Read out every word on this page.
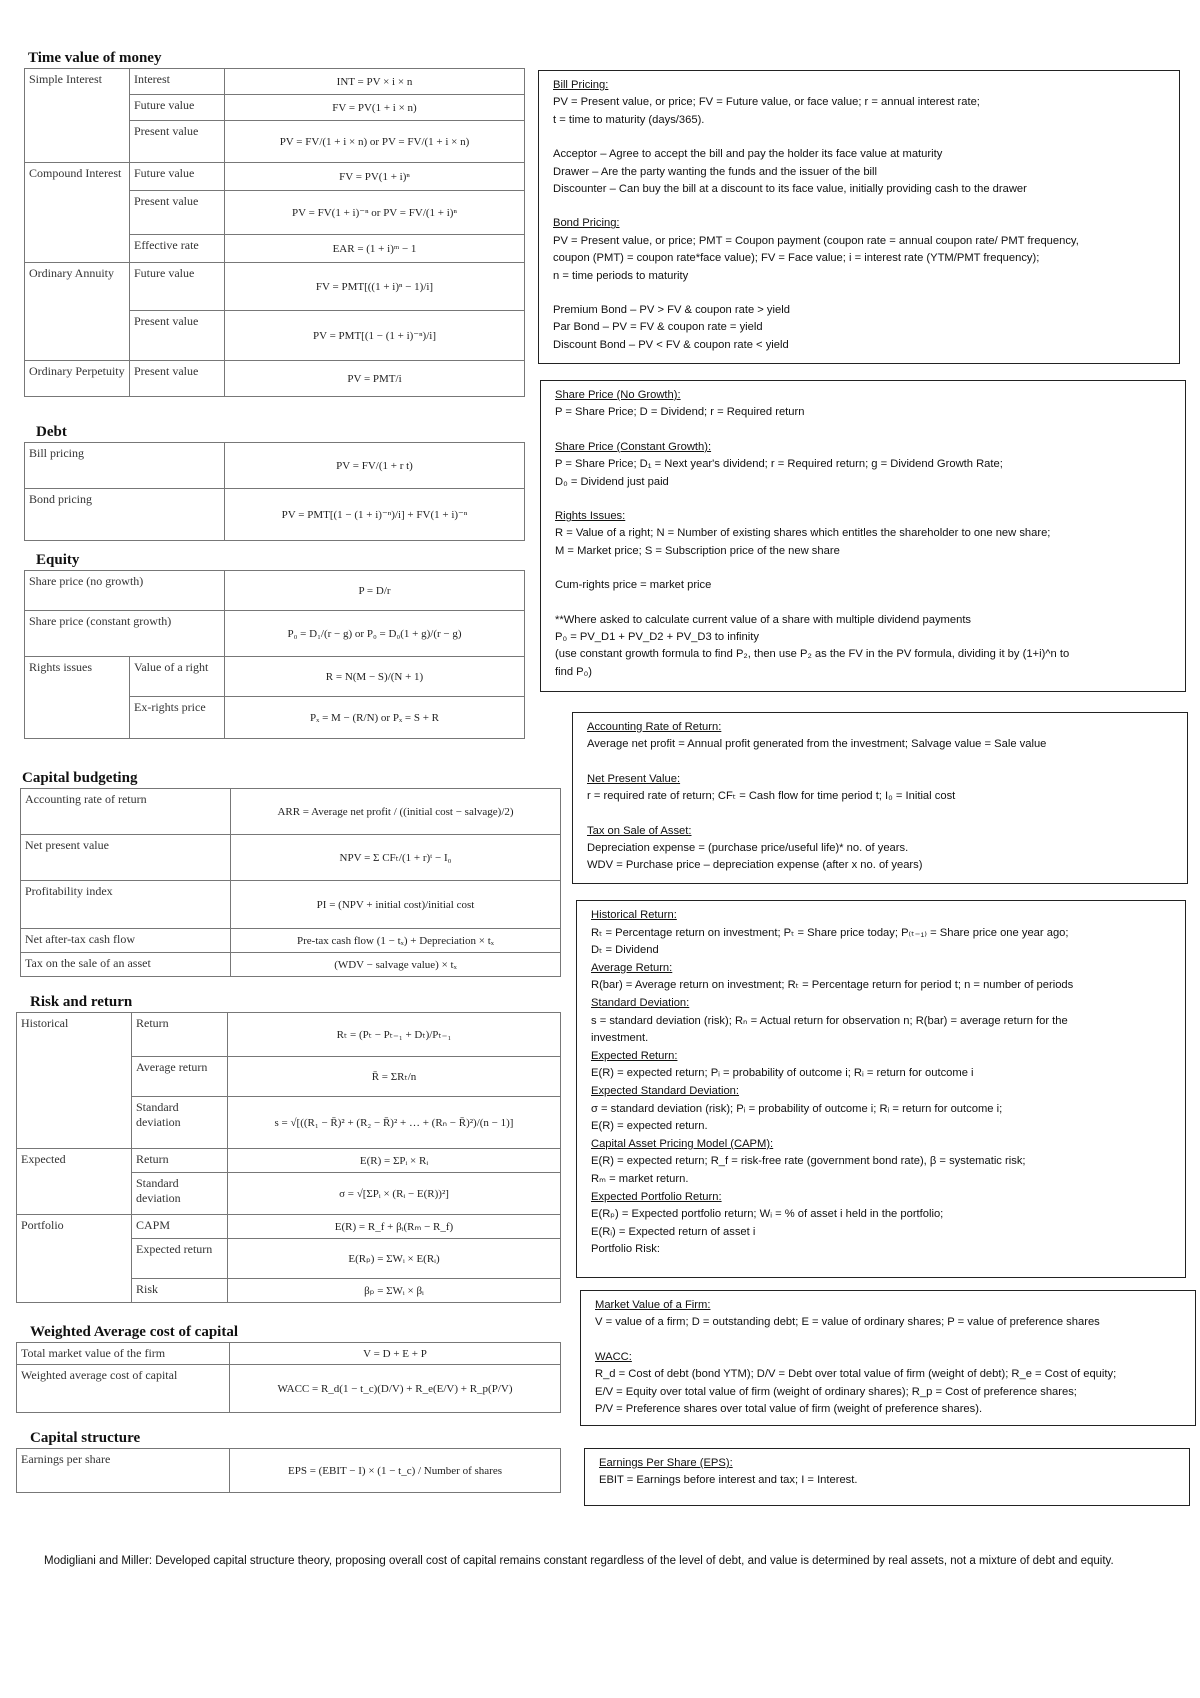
Time value of money
Simple Interest	Interest	INT = PV × i × n
	Future value	FV = PV(1 + i × n)
	Present value	PV = FV/(1 + i × n) or PV = FV/(1 + i × n)
Compound Interest	Future value	FV = PV(1 + i)ⁿ
	Present value	PV = FV(1 + i)⁻ⁿ or PV = FV/(1 + i)ⁿ
	Effective rate	EAR = (1 + i)ᵐ − 1
Ordinary Annuity	Future value	FV = PMT[((1 + i)ⁿ − 1)/i]
	Present value	PV = PMT[(1 − (1 + i)⁻ⁿ)/i]
Ordinary Perpetuity	Present value	PV = PMT/i
Debt
Bill pricing	PV = FV/(1 + r t)
Bond pricing	PV = PMT[(1 − (1 + i)⁻ⁿ)/i] + FV(1 + i)⁻ⁿ
Equity
Share price (no growth)		P = D/r
Share price (constant growth)		P₀ = D₁/(r − g) or P₀ = D₀(1 + g)/(r − g)
Rights issues	Value of a right	R = N(M − S)/(N + 1)
	Ex-rights price	Pₓ = M − (R/N) or Pₓ = S + R
Capital budgeting
Accounting rate of return	ARR = Average net profit / ((initial cost − salvage)/2)
Net present value	NPV = Σ CFₜ/(1 + r)ᵗ − I₀
Profitability index	PI = (NPV + initial cost)/initial cost
Net after-tax cash flow	Pre-tax cash flow (1 − tₓ) + Depreciation × tₓ
Tax on the sale of an asset	(WDV − salvage value) × tₓ
Risk and return
Historical	Return	Rₜ = (Pₜ − Pₜ₋₁ + Dₜ)/Pₜ₋₁
	Average return	R̄ = ΣRₜ/n
	Standard deviation	s = √[((R₁ − R̄)² + (R₂ − R̄)² + … + (Rₙ − R̄)²)/(n − 1)]
Expected	Return	E(R) = ΣPᵢ × Rᵢ
	Standard deviation	σ = √[ΣPᵢ × (Rᵢ − E(R))²]
Portfolio	CAPM	E(R) = R_f + βᵢ(Rₘ − R_f)
	Expected return	E(Rₚ) = ΣWᵢ × E(Rᵢ)
	Risk	βₚ = ΣWᵢ × βᵢ
Weighted Average cost of capital
Total market value of the firm	V = D + E + P
Weighted average cost of capital	WACC = R_d(1 − t_c)(D/V) + R_e(E/V) + R_p(P/V)
Capital structure
Earnings per share	EPS = (EBIT − I) × (1 − t_c) / Number of shares

Bill Pricing:

PV = Present value, or price; FV = Future value, or face value; r = annual interest rate;

t = time to maturity (days/365).

Acceptor – Agree to accept the bill and pay the holder its face value at maturity

Drawer – Are the party wanting the funds and the issuer of the bill

Discounter – Can buy the bill at a discount to its face value, initially providing cash to the drawer

Bond Pricing:

PV = Present value, or price; PMT = Coupon payment (coupon rate = annual coupon rate/ PMT frequency,

coupon (PMT) = coupon rate*face value); FV = Face value; i = interest rate (YTM/PMT frequency);

n = time periods to maturity

Premium Bond – PV > FV & coupon rate > yield

Par Bond – PV = FV & coupon rate = yield

Discount Bond – PV < FV & coupon rate < yield

Share Price (No Growth):

P = Share Price; D = Dividend; r = Required return

Share Price (Constant Growth):

P = Share Price; D₁ = Next year's dividend; r = Required return; g = Dividend Growth Rate;

D₀ = Dividend just paid

Rights Issues:

R = Value of a right; N = Number of existing shares which entitles the shareholder to one new share;

M = Market price; S = Subscription price of the new share

Cum-rights price = market price

**Where asked to calculate current value of a share with multiple dividend payments

P₀ = PV_D1 + PV_D2 + PV_D3 to infinity

(use constant growth formula to find P₂, then use P₂ as the FV in the PV formula, dividing it by (1+i)^n to

find P₀)

Accounting Rate of Return:

Average net profit = Annual profit generated from the investment; Salvage value = Sale value

Net Present Value:

r = required rate of return; CFₜ = Cash flow for time period t; I₀ = Initial cost

Tax on Sale of Asset:

Depreciation expense = (purchase price/useful life)* no. of years.

WDV = Purchase price – depreciation expense (after x no. of years)

Historical Return:

Rₜ = Percentage return on investment; Pₜ = Share price today; P₍ₜ₋₁₎ = Share price one year ago;

Dₜ = Dividend

Average Return:

R(bar) = Average return on investment; Rₜ = Percentage return for period t; n = number of periods

Standard Deviation:

s = standard deviation (risk); Rₙ = Actual return for observation n; R(bar) = average return for the

investment.

Expected Return:

E(R) = expected return; Pᵢ = probability of outcome i; Rᵢ = return for outcome i

Expected Standard Deviation:

σ = standard deviation (risk); Pᵢ = probability of outcome i; Rᵢ = return for outcome i;

E(R) = expected return.

Capital Asset Pricing Model (CAPM):

E(R) = expected return; R_f = risk-free rate (government bond rate), β = systematic risk;

Rₘ = market return.

Expected Portfolio Return:

E(Rₚ) = Expected portfolio return; Wᵢ = % of asset i held in the portfolio;

E(Rᵢ) = Expected return of asset i

Portfolio Risk:

Market Value of a Firm:

V = value of a firm; D = outstanding debt; E = value of ordinary shares; P = value of preference shares

WACC:

R_d = Cost of debt (bond YTM); D/V = Debt over total value of firm (weight of debt); R_e = Cost of equity;

E/V = Equity over total value of firm (weight of ordinary shares); R_p = Cost of preference shares;

P/V = Preference shares over total value of firm (weight of preference shares).

Earnings Per Share (EPS):

EBIT = Earnings before interest and tax; I = Interest.

Modigliani and Miller: Developed capital structure theory, proposing overall cost of capital remains constant regardless of the level of debt, and value is determined by real assets, not a mixture of debt and equity.
